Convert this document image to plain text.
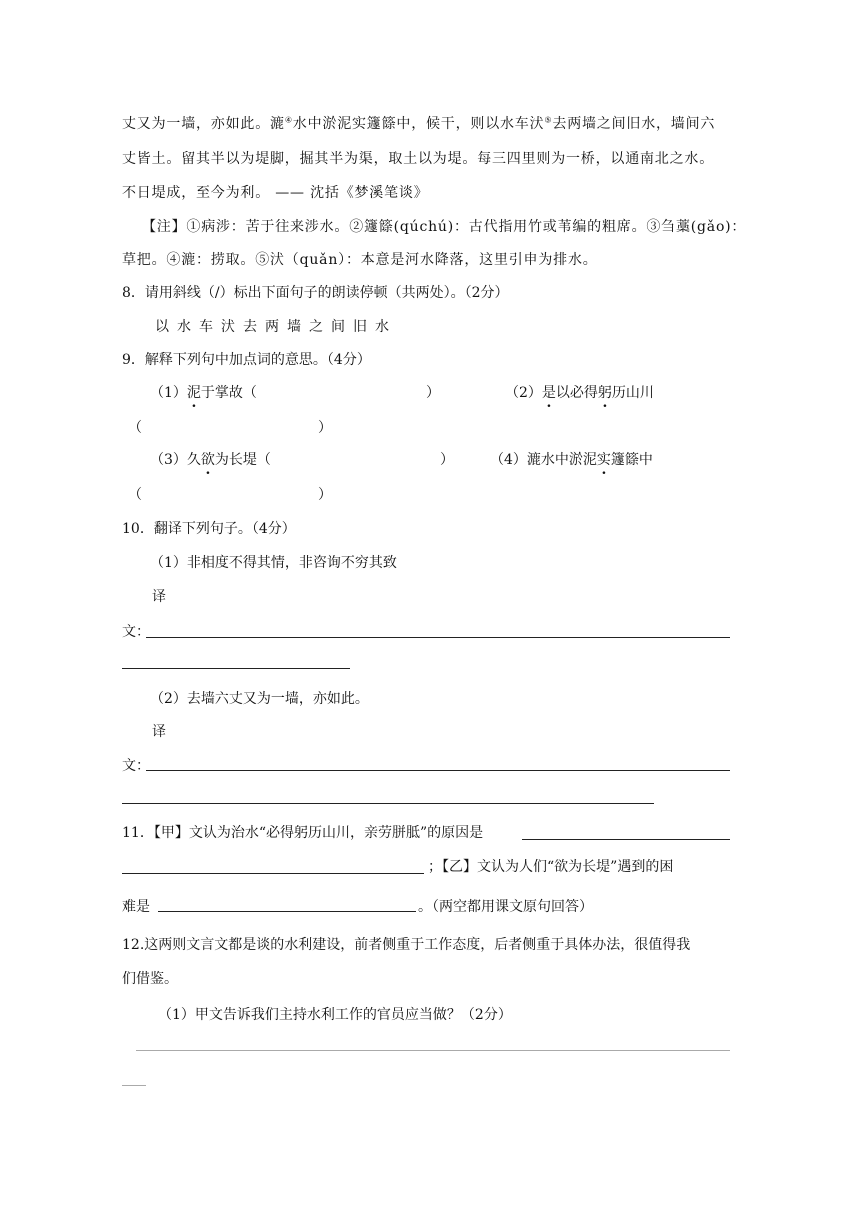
丈又为一墙，亦如此。漉④水中淤泥实籧篨中，候干，则以水车汱⑤去两墙之间旧水，墙间六
丈皆土。留其半以为堤脚，掘其半为渠，取土以为堤。每三四里则为一桥，以通南北之水。
不日堤成，至今为利。 —— 沈括《梦溪笔谈》
【注】①病涉：苦于往来涉水。②籧篨(qúchú)：古代指用竹或苇编的粗席。③刍藁(gǎo)：
草把。④漉：捞取。⑤汱（quǎn）：本意是河水降落，这里引申为排水。
8．请用斜线（/）标出下面句子的朗读停顿（共两处）。（2分）
以水车汱去两墙之间旧水
9．解释下列句中加点词的意思。（4分）
（1）泥于掌故（	）	（2）是以必得躬历山川
（	）
（3）久欲为长堤（	）	（4）漉水中淤泥实籧篨中
（	）
10．翻译下列句子。（4分）
（1）非相度不得其情，非咨询不穷其致
译
文：
（2）去墙六丈又为一墙，亦如此。
译
文：
11．【甲】文认为治水“必得躬历山川，亲劳胼胝”的原因是
；【乙】文认为人们“欲为长堤”遇到的困
难是	。（两空都用课文原句回答）
12.这两则文言文都是谈的水利建设，前者侧重于工作态度，后者侧重于具体办法，很值得我
们借鉴。
（1）甲文告诉我们主持水利工作的官员应当做？（2分）
